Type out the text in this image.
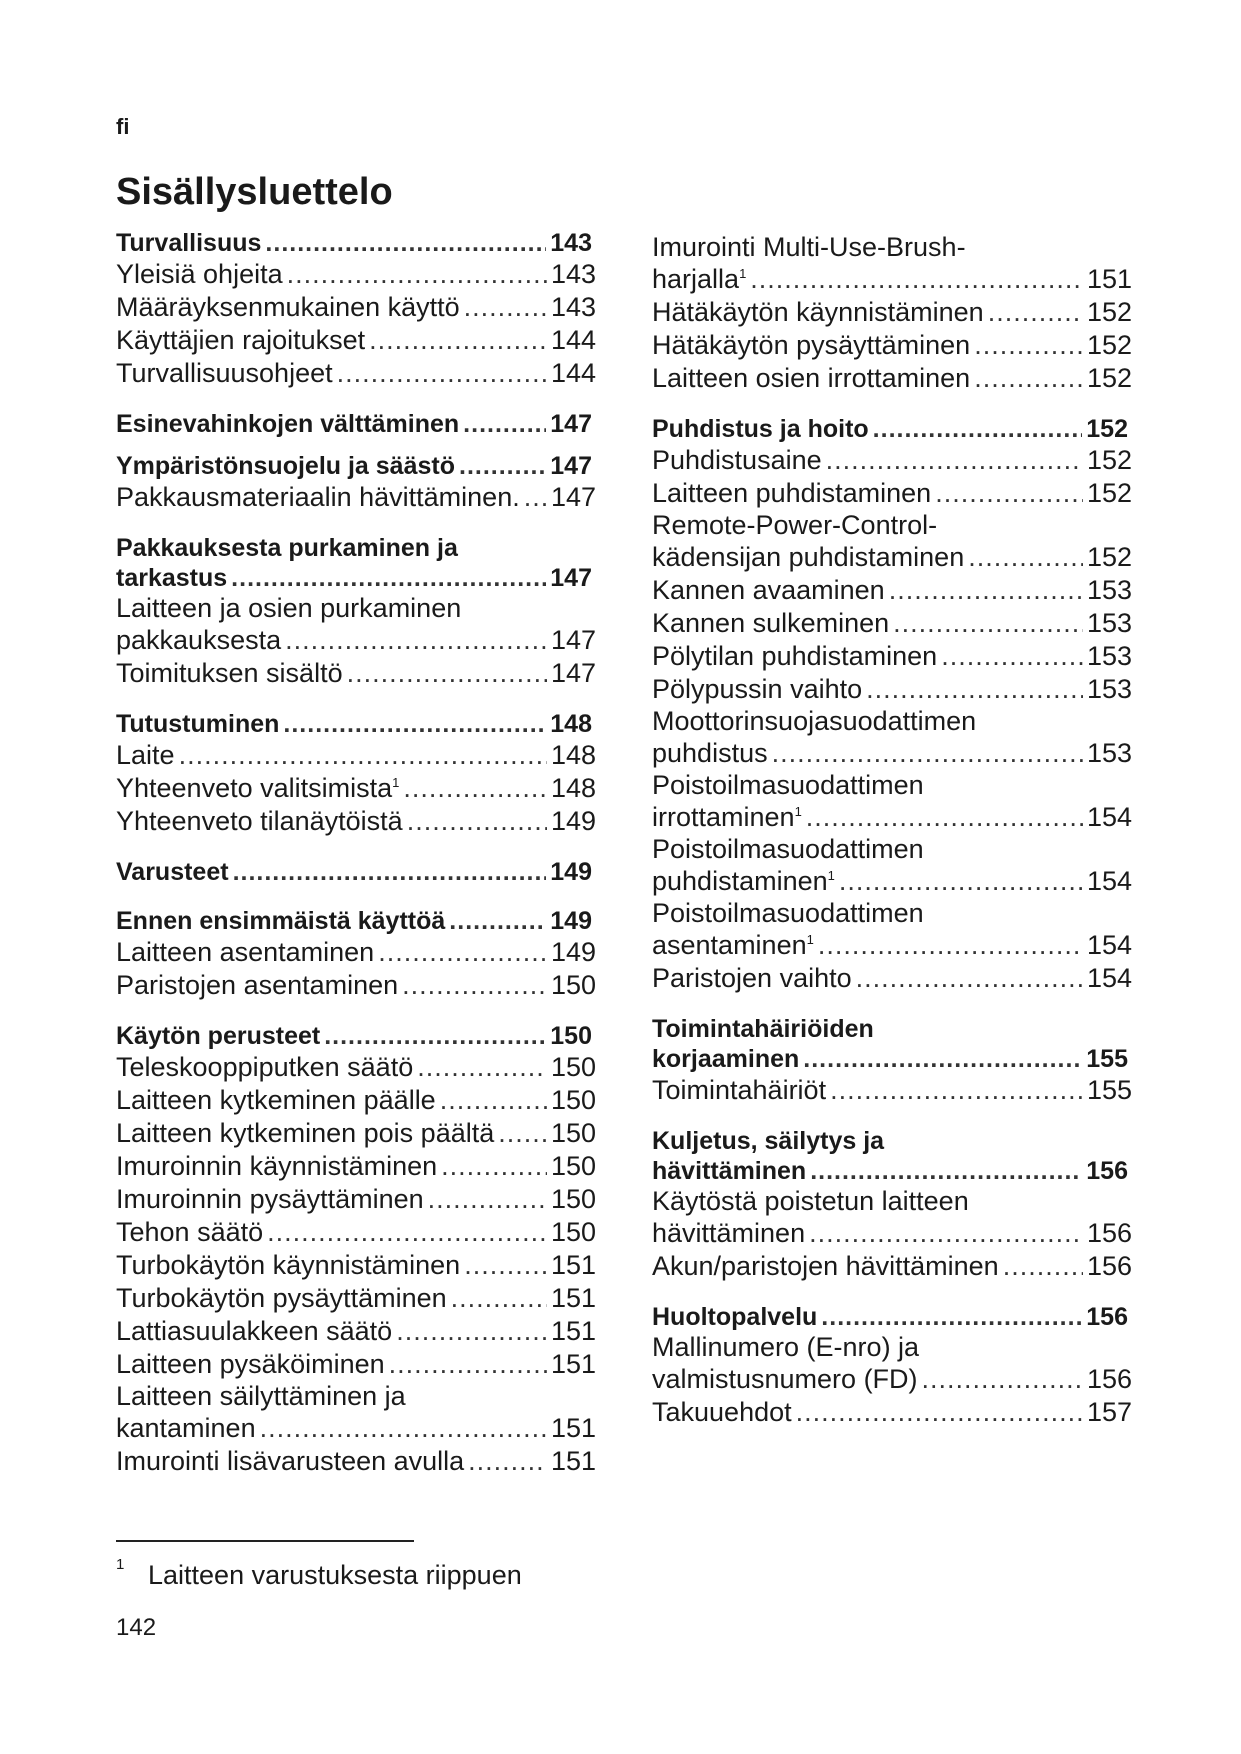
fi
Sisällysluettelo
Turvallisuus .....	143
Yleisiä ohjeita .....	143
Määräyksenmukainen käyttö .....	143
Käyttäjien rajoitukset .....	144
Turvallisuusohjeet .....	144
Esinevahinkojen välttäminen .....	147
Ympäristönsuojelu ja säästö .....	147
Pakkausmateriaalin hävittäminen. ..... 147
Pakkauksesta purkaminen ja
tarkastus .....	147
Laitteen ja osien purkaminen
pakkauksesta .....	147
Toimituksen sisältö .....	147
Tutustuminen .....	148
Laite .....	148
Yhteenveto valitsimista$^1$ .....	148
Yhteenveto tilanäytöistä .....	149
Varusteet .....	149
Ennen ensimmäistä käyttöä .....	149
Laitteen asentaminen .....	149
Paristojen asentaminen .....	150
Käytön perusteet .....	150
Teleskooppiputken säätö .....	150
Laitteen kytkeminen päälle .....	150
Laitteen kytkeminen pois päältä ..... 150
Imuroinnin käynnistäminen .....	150
Imuroinnin pysäyttäminen .....	150
Tehon säätö .....	150
Turbokäytön käynnistäminen .....	151
Turbokäytön pysäyttäminen .....	151
Lattiasuulakkeen säätö .....	151
Laitteen pysäköiminen .....	151
Laitteen säilyttäminen ja
kantaminen .....	151
Imurointi lisävarusteen avulla .....	151
Imurointi Multi-Use-Brush-
harjalla$^1$ .....	151
Hätäkäytön käynnistäminen .....	152
Hätäkäytön pysäyttäminen .....	152
Laitteen osien irrottaminen .....	152
Puhdistus ja hoito .....	152
Puhdistusaine .....	152
Laitteen puhdistaminen .....	152
Remote-Power-Control-
kädensijan puhdistaminen .....	152
Kannen avaaminen .....	153
Kannen sulkeminen .....	153
Pölytilan puhdistaminen .....	153
Pölypussin vaihto .....	153
Moottorinsuojasuodattimen
puhdistus .....	153
Poistoilmasuodattimen
irrottaminen$^1$ .....	154
Poistoilmasuodattimen
puhdistaminen$^1$ .....	154
Poistoilmasuodattimen
asentaminen$^1$ .....	154
Paristojen vaihto .....	154
Toimintahäiriöiden
korjaaminen .....	155
Toimintahäiriöt .....	155
Kuljetus, säilytys ja
hävittäminen .....	156
Käytöstä poistetun laitteen
hävittäminen .....	156
Akun/paristojen hävittäminen .....	156
Huoltopalvelu .....	156
Mallinumero (E-nro) ja
valmistusnumero (FD) .....	156
Takuuehdot .....	157
1 Laitteen varustuksesta riippuen
142
